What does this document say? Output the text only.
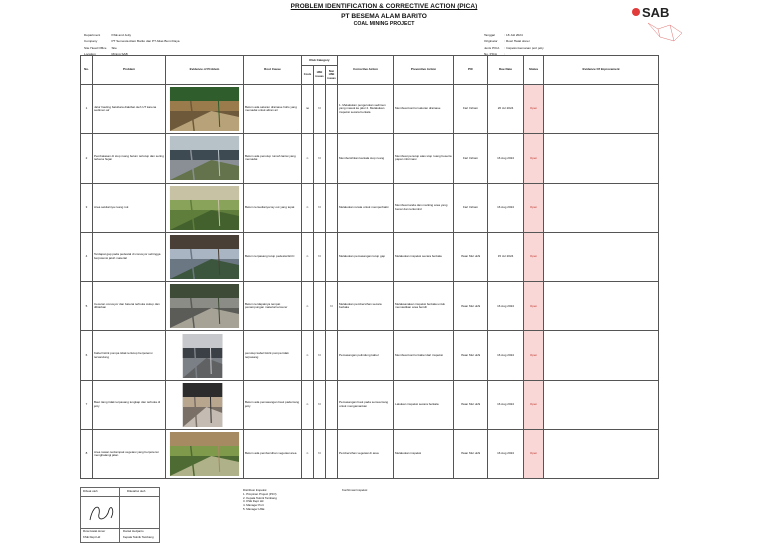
PROBLEM IDENTIFICATION & CORRECTIVE ACTION (PICA)
PT BESEMA ALAM BARITO
COAL MINING PROJECT
SAB
Department	KSE and Jetty
Company	PT Semesta Alam Barito dan PT Atlas Bumi Daya
Site Head Office	Site
Location	Mining SAB
Tanggal	: 18 Juli 2024
Originator	: Rowi Hatal doner
Jenis PICA	: Inspeksi kemanan port jetty
No. PICA	:
No.	Problem	Evidence of Problem	Root Cause	Risk Category			Corrective Action	Preventive Action	PIC	Due Date	Status	Evidence Of Improvement
				Costs	HSE issues	Non HSE issues						
1	Jalur hauling batubara diakibat oleh UT karena sedimen air		Belum ada saluran drainase hollo yang memadai untuk aliran air	no	N		1. Melakukan pengerukan sedimen yang masuk ke jalur 2. Melakukan inspeksi secara berkala	Membuat kontrol saluran drainase	Fari Irsham	26 Jul 2024	Open	
2	Pembatasan di stop ruang belum tertutup dan sering terkena hujan		Belum ada penutup rumah lantai yang memadai	n	N		Membersihkan kantala stop ruang	Membuat penutup atas stop ruang beserta papan informasi	Fari Irsham	16 Aug 2024	Open	
3	Area sekitarnya ruang ruk		Belum tersedianya lay out yang tepat	n	N		Melakukan rerata untuk memperbaiki	Membuat tanda dan marking area yang benar dan terkontrol	Fari Irsham	16 Aug 2024	Open	
4	Terdapat gap pada pedestal di conveyor sehingga berpotensi jatuh material		Belum terpasang tutup pedestal ECC	n	N		Melakukan pemasangan tutup gap	Melakukan inspeksi secara berkala	Ihsan Mul ukhi	15 Jul 2024	Open	
5	Ceceran conveyor dan baterai terbuka cukup dan dibiarkan		Belum terdapatnya tempat penampungan material tercecer	n		N	Melakukan pembersihan secara berkala	Melaksanakan inspeksi berkala untuk memastikan area bersih	Ihsan Mul ukhi	16 Aug 2024	Open	
6	Kabel listrik pompa tidak tertutup berpotensi tersandung		penutup kabel listrik pompa tidak terpasang	n	N		Pemasangan pelindung kabel	Membuat kontrol kabel dari inspeksi	Ihsan Mul ukhi	16 Aug 2024	Open	
7	Baut tiang tidak terpasang lengkap dan terbuka di jetty		Belum ada pemasangan baut pada tiang jetty	n	N		Pemasangan baut pada semua tiang untuk mengamankan	Lakukan inspeksi secara berkala	Ihsan Mul ukhi	16 Aug 2024	Open	
8	Area rawan terdampak vegetasi yang berpotensi menghalangi jalan		Belum ada pembersihan vegetasi area	n	N		Pembersihan vegetasi di area	Melakukan inspeksi	Ihsan Mul ukhi	16 Aug 2024	Open	
Dibuat oleh	Diketahui oleh
Rowi Hatal doner	Daniel Herijanto
KSE Dept Hd	Kepala Teknik Tambang
Distribusi Inspeksi:
1. Pimpinan Project (PJO)
2. Kepala Teknik Tambang
3. KSE Dept Hd
4. Manager Port
5. Manager HSE
Konfirmasi Inspeksi:
